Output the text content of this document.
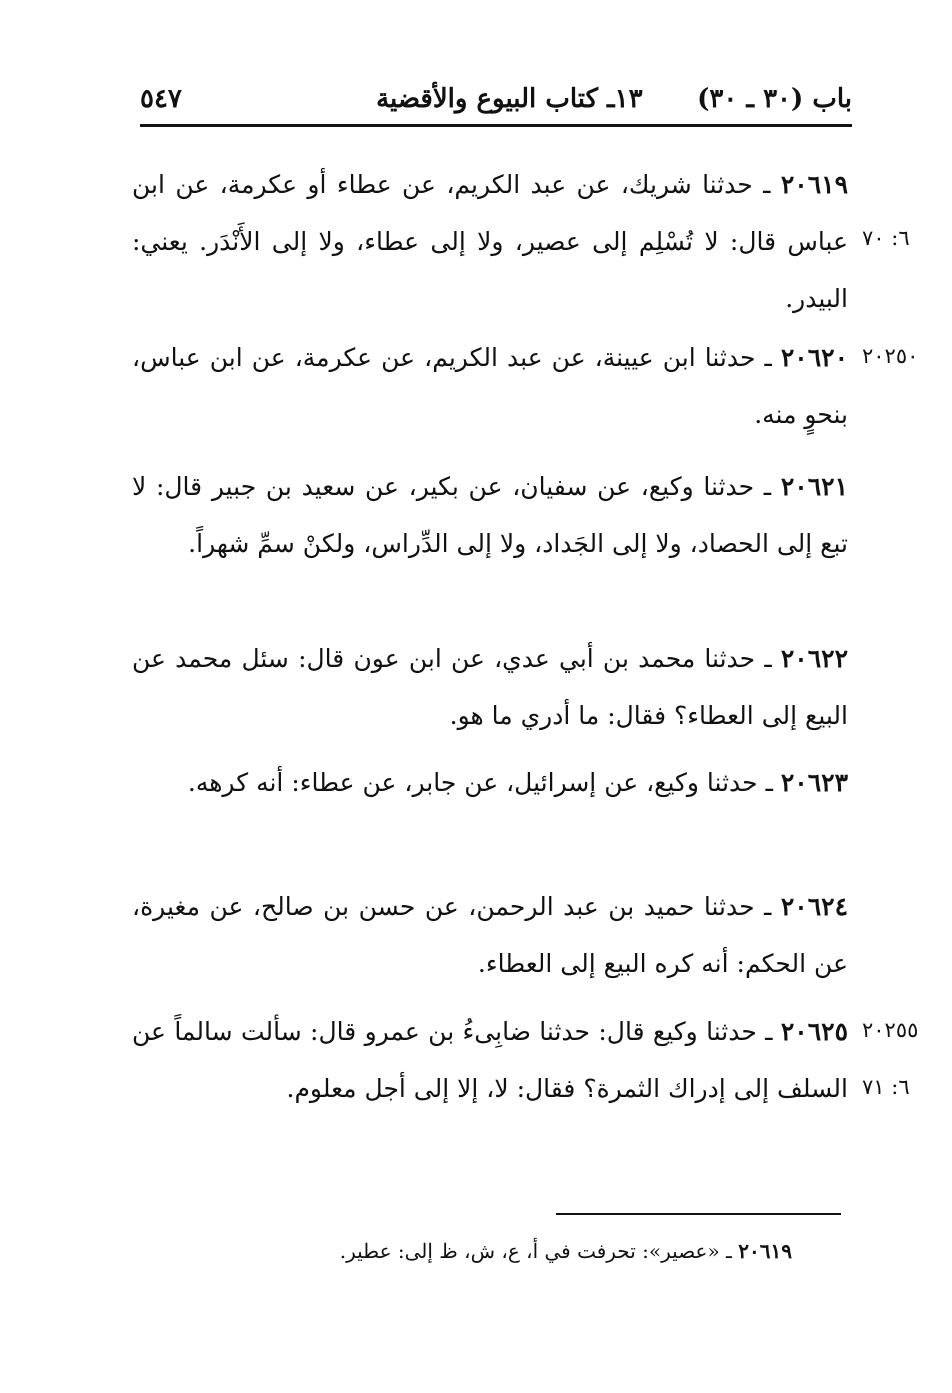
باب (٣٠ ـ ٣٠)
١٣ـ كتاب البيوع والأقضية
٥٤٧
٦: ٧٠
٢٠٢٥٠
٢٠٢٥٥
٦: ٧١
٢٠٦١٩ ـ حدثنا شريك، عن عبد الكريم، عن عطاء أو عكرمة، عن ابن عباس قال: لا تُسْلِم إلى عصير، ولا إلى عطاء، ولا إلى الأَنْدَر. يعني: البيدر.
٢٠٦٢٠ ـ حدثنا ابن عيينة، عن عبد الكريم، عن عكرمة، عن ابن عباس، بنحوٍ منه.
٢٠٦٢١ ـ حدثنا وكيع، عن سفيان، عن بكير، عن سعيد بن جبير قال: لا تبع إلى الحصاد، ولا إلى الجَداد، ولا إلى الدِّراس، ولكنْ سمِّ شهراً.
٢٠٦٢٢ ـ حدثنا محمد بن أبي عدي، عن ابن عون قال: سئل محمد عن البيع إلى العطاء؟ فقال: ما أدري ما هو.
٢٠٦٢٣ ـ حدثنا وكيع، عن إسرائيل، عن جابر، عن عطاء: أنه كرهه.
٢٠٦٢٤ ـ حدثنا حميد بن عبد الرحمن، عن حسن بن صالح، عن مغيرة، عن الحكم: أنه كره البيع إلى العطاء.
٢٠٦٢٥ ـ حدثنا وكيع قال: حدثنا ضابِىءُ بن عمرو قال: سألت سالماً عن السلف إلى إدراك الثمرة؟ فقال: لا، إلا إلى أجل معلوم.
٢٠٦١٩ ـ «عصير»: تحرفت في أ، ع، ش، ظ إلى: عطير.
